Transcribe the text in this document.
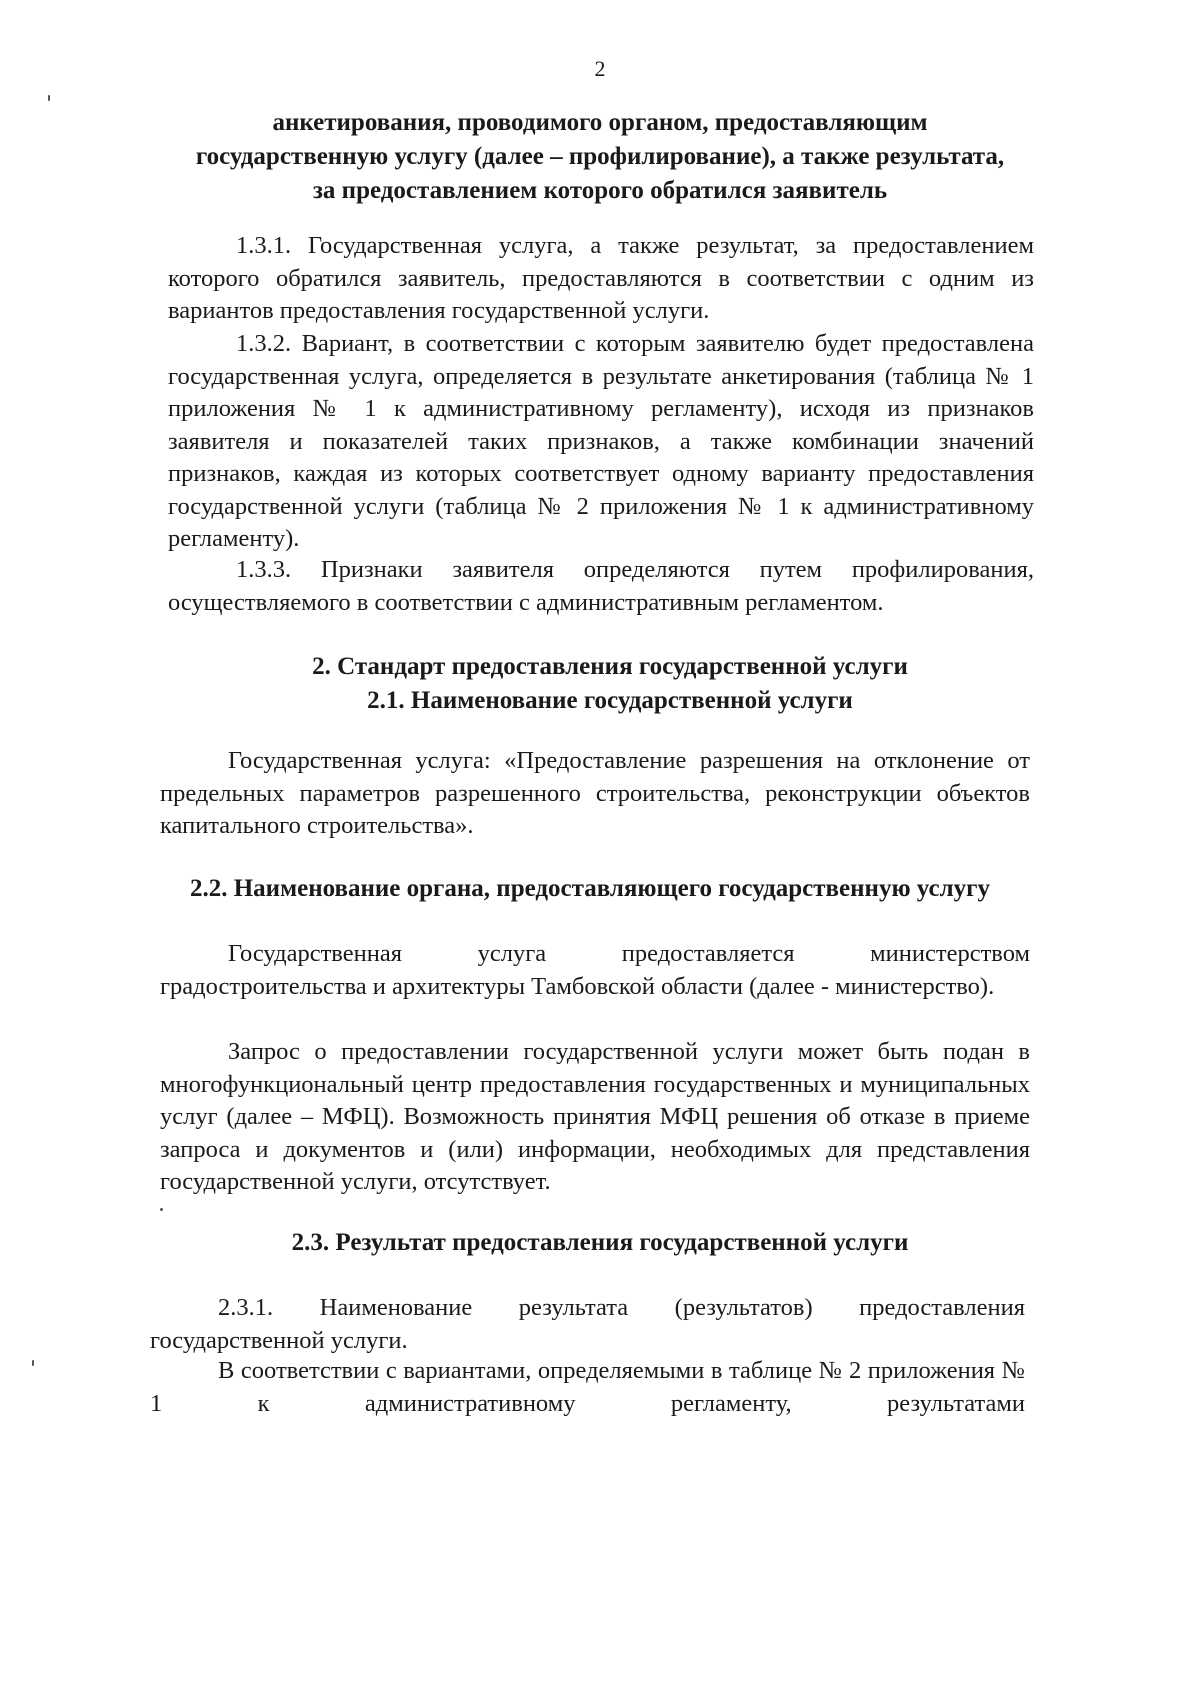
2
анкетирования, проводимого органом, предоставляющим
государственную услугу (далее – профилирование), а также результата,
за предоставлением которого обратился заявитель
1.3.1. Государственная услуга, а также результат, за предоставлением которого обратился заявитель, предоставляются в соответствии с одним из вариантов предоставления государственной услуги.
1.3.2. Вариант, в соответствии с которым заявителю будет предоставлена государственная услуга, определяется в результате анкетирования (таблица № 1 приложения № 1 к административному регламенту), исходя из признаков заявителя и показателей таких признаков, а также комбинации значений признаков, каждая из которых соответствует одному варианту предоставления государственной услуги (таблица № 2 приложения № 1 к административному регламенту).
1.3.3. Признаки заявителя определяются путем профилирования, осуществляемого в соответствии с административным регламентом.
2. Стандарт предоставления государственной услуги
2.1. Наименование государственной услуги
Государственная услуга: «Предоставление разрешения на отклонение от предельных параметров разрешенного строительства, реконструкции объектов капитального строительства».
2.2. Наименование органа, предоставляющего государственную услугу
Государственная услуга предоставляется министерством градостроительства и архитектуры Тамбовской области (далее - министерство).
Запрос о предоставлении государственной услуги может быть подан в многофункциональный центр предоставления государственных и муниципальных услуг (далее – МФЦ). Возможность принятия МФЦ решения об отказе в приеме запроса и документов и (или) информации, необходимых для представления государственной услуги, отсутствует.
2.3. Результат предоставления государственной услуги
2.3.1. Наименование результата (результатов) предоставления государственной услуги.
В соответствии с вариантами, определяемыми в таблице № 2 приложения № 1 к административному регламенту, результатами
